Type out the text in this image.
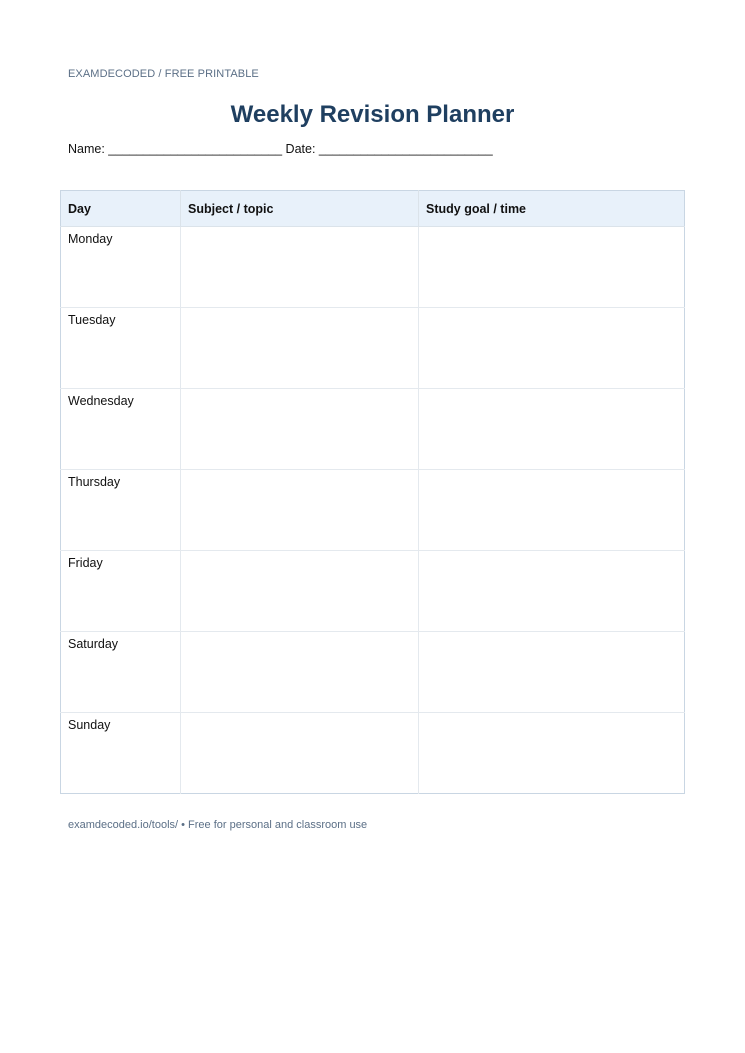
EXAMDECODED / FREE PRINTABLE
Weekly Revision Planner
Name: _________________________ Date: _________________________
Day	Subject / topic	Study goal / time
Monday		
Tuesday		
Wednesday		
Thursday		
Friday		
Saturday		
Sunday		
examdecoded.io/tools/ • Free for personal and classroom use
